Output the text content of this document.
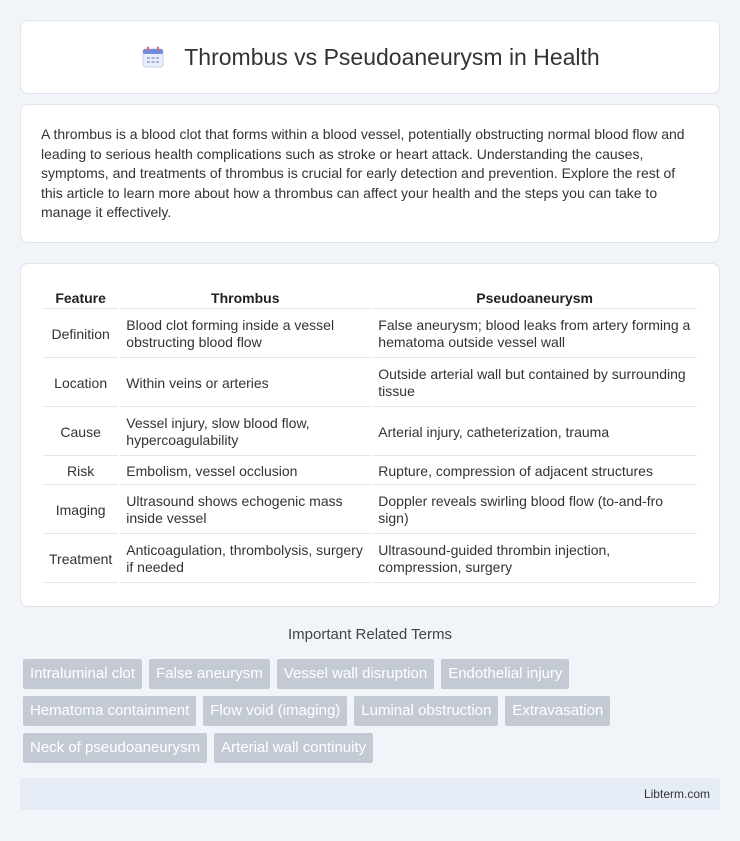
Thrombus vs Pseudoaneurysm in Health

A thrombus is a blood clot that forms within a blood vessel, potentially obstructing normal blood flow and leading to serious health complications such as stroke or heart attack. Understanding the causes, symptoms, and treatments of thrombus is crucial for early detection and prevention. Explore the rest of this article to learn more about how a thrombus can affect your health and the steps you can take to manage it effectively.

Feature	Thrombus	Pseudoaneurysm
Definition	Blood clot forming inside a vessel obstructing blood flow	False aneurysm; blood leaks from artery forming a hematoma outside vessel wall
Location	Within veins or arteries	Outside arterial wall but contained by surrounding tissue
Cause	Vessel injury, slow blood flow, hypercoagulability	Arterial injury, catheterization, trauma
Risk	Embolism, vessel occlusion	Rupture, compression of adjacent structures
Imaging	Ultrasound shows echogenic mass inside vessel	Doppler reveals swirling blood flow (to-and-fro sign)
Treatment	Anticoagulation, thrombolysis, surgery if needed	Ultrasound-guided thrombin injection, compression, surgery
Important Related Terms
Intraluminal clot	False aneurysm	Vessel wall disruption	Endothelial injury
Hematoma containment	Flow void (imaging)	Luminal obstruction	Extravasation
Neck of pseudoaneurysm	Arterial wall continuity
Libterm.com
